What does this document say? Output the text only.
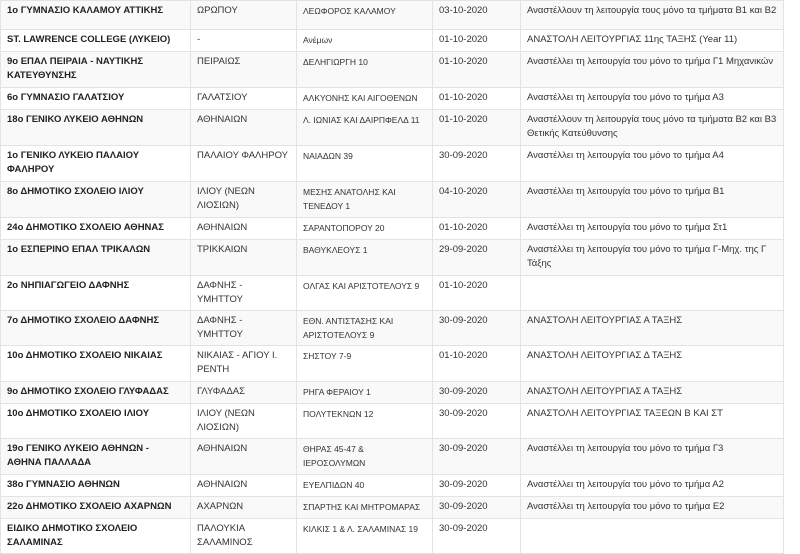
1ο ΓΥΜΝΑΣΙΟ ΚΑΛΑΜΟΥ ΑΤΤΙΚΗΣ	ΩΡΩΠΟΥ	ΛΕΩΦΟΡΟΣ ΚΑΛΑΜΟΥ	03-10-2020	Αναστέλλουν τη λειτουργία τους μόνο τα τμήματα Β1 και Β2
ST. LAWRENCE COLLEGE (ΛΥΚΕΙΟ)	-	Ανέμων	01-10-2020	ΑΝΑΣΤΟΛΗ ΛΕΙΤΟΥΡΓΙΑΣ 11ης ΤΑΞΗΣ (Year 11)
9ο ΕΠΑΛ ΠΕΙΡΑΙΑ - ΝΑΥΤΙΚΗΣ ΚΑΤΕΥΘΥΝΣΗΣ	ΠΕΙΡΑΙΩΣ	ΔΕΛΗΓΙΩΡΓΗ 10	01-10-2020	Αναστέλλει τη λειτουργία του μόνο το τμήμα Γ1 Μηχανικών
6ο ΓΥΜΝΑΣΙΟ ΓΑΛΑΤΣΙΟΥ	ΓΑΛΑΤΣΙΟΥ	ΑΛΚΥΟΝΗΣ ΚΑΙ ΑΙΓΟΘΕΝΩΝ	01-10-2020	Αναστέλλει τη λειτουργία του μόνο το τμήμα Α3
18ο ΓΕΝΙΚΟ ΛΥΚΕΙΟ ΑΘΗΝΩΝ	ΑΘΗΝΑΙΩΝ	Λ. ΙΩΝΙΑΣ ΚΑΙ ΔΑΙΡΠΦΕΛΔ 11	01-10-2020	Αναστέλλουν τη λειτουργία τους μόνο τα τμήματα Β2 και Β3 Θετικής Κατεύθυνσης
1ο ΓΕΝΙΚΟ ΛΥΚΕΙΟ ΠΑΛΑΙΟΥ ΦΑΛΗΡΟΥ	ΠΑΛΑΙΟΥ ΦΑΛΗΡΟΥ	ΝΑΙΑΔΩΝ 39	30-09-2020	Αναστέλλει τη λειτουργία του μόνο το τμήμα Α4
8ο ΔΗΜΟΤΙΚΟ ΣΧΟΛΕΙΟ ΙΛΙΟΥ	ΙΛΙΟΥ (ΝΕΩΝ ΛΙΟΣΙΩΝ)	ΜΕΣΗΣ ΑΝΑΤΟΛΗΣ ΚΑΙ ΤΕΝΕΔΟΥ 1	04-10-2020	Αναστέλλει τη λειτουργία του μόνο το τμήμα Β1
24ο ΔΗΜΟΤΙΚΟ ΣΧΟΛΕΙΟ ΑΘΗΝΑΣ	ΑΘΗΝΑΙΩΝ	ΣΑΡΑΝΤΟΠΟΡΟΥ 20	01-10-2020	Αναστέλλει τη λειτουργία του μόνο το τμήμα Στ1
1ο ΕΣΠΕΡΙΝΟ ΕΠΑΛ ΤΡΙΚΑΛΩΝ	ΤΡΙΚΚΑΙΩΝ	ΒΑΘΥΚΛΕΟΥΣ 1	29-09-2020	Αναστέλλει τη λειτουργία του μόνο το τμήμα Γ-Μηχ. της Γ Τάξης
2ο ΝΗΠΙΑΓΩΓΕΙΟ ΔΑΦΝΗΣ	ΔΑΦΝΗΣ - ΥΜΗΤΤΟΥ	ΟΛΓΑΣ ΚΑΙ ΑΡΙΣΤΟΤΕΛΟΥΣ 9	01-10-2020	
7ο ΔΗΜΟΤΙΚΟ ΣΧΟΛΕΙΟ ΔΑΦΝΗΣ	ΔΑΦΝΗΣ - ΥΜΗΤΤΟΥ	ΕΘΝ. ΑΝΤΙΣΤΑΣΗΣ ΚΑΙ ΑΡΙΣΤΟΤΕΛΟΥΣ 9	30-09-2020	ΑΝΑΣΤΟΛΗ ΛΕΙΤΟΥΡΓΙΑΣ Α ΤΑΞΗΣ
10ο ΔΗΜΟΤΙΚΟ ΣΧΟΛΕΙΟ ΝΙΚΑΙΑΣ	ΝΙΚΑΙΑΣ - ΑΓΙΟΥ Ι. ΡΕΝΤΗ	ΣΗΣΤΟΥ 7-9	01-10-2020	ΑΝΑΣΤΟΛΗ ΛΕΙΤΟΥΡΓΙΑΣ Δ ΤΑΞΗΣ
9ο ΔΗΜΟΤΙΚΟ ΣΧΟΛΕΙΟ ΓΛΥΦΑΔΑΣ	ΓΛΥΦΑΔΑΣ	ΡΗΓΑ ΦΕΡΑΙΟΥ 1	30-09-2020	ΑΝΑΣΤΟΛΗ ΛΕΙΤΟΥΡΓΙΑΣ Α ΤΑΞΗΣ
10ο ΔΗΜΟΤΙΚΟ ΣΧΟΛΕΙΟ ΙΛΙΟΥ	ΙΛΙΟΥ (ΝΕΩΝ ΛΙΟΣΙΩΝ)	ΠΟΛΥΤΕΚΝΩΝ 12	30-09-2020	ΑΝΑΣΤΟΛΗ ΛΕΙΤΟΥΡΓΙΑΣ ΤΑΞΕΩΝ Β ΚΑΙ ΣΤ
19ο ΓΕΝΙΚΟ ΛΥΚΕΙΟ ΑΘΗΝΩΝ - ΑΘΗΝΑ ΠΑΛΛΑΔΑ	ΑΘΗΝΑΙΩΝ	ΘΗΡΑΣ 45-47 & ΙΕΡΟΣΟΛΥΜΩΝ	30-09-2020	Αναστέλλει τη λειτουργία του μόνο το τμήμα Γ3
38ο ΓΥΜΝΑΣΙΟ ΑΘΗΝΩΝ	ΑΘΗΝΑΙΩΝ	ΕΥΕΛΠΙΔΩΝ 40	30-09-2020	Αναστέλλει τη λειτουργία του μόνο το τμήμα Α2
22ο ΔΗΜΟΤΙΚΟ ΣΧΟΛΕΙΟ ΑΧΑΡΝΩΝ	ΑΧΑΡΝΩΝ	ΣΠΑΡΤΗΣ ΚΑΙ ΜΗΤΡΟΜΑΡΑΣ	30-09-2020	Αναστέλλει τη λειτουργία του μόνο το τμήμα Ε2
ΕΙΔΙΚΟ ΔΗΜΟΤΙΚΟ ΣΧΟΛΕΙΟ ΣΑΛΑΜΙΝΑΣ	ΠΑΛΟΥΚΙΑ ΣΑΛΑΜΙΝΟΣ	ΚΙΛΚΙΣ 1 & Λ. ΣΑΛΑΜΙΝΑΣ 19	30-09-2020	
